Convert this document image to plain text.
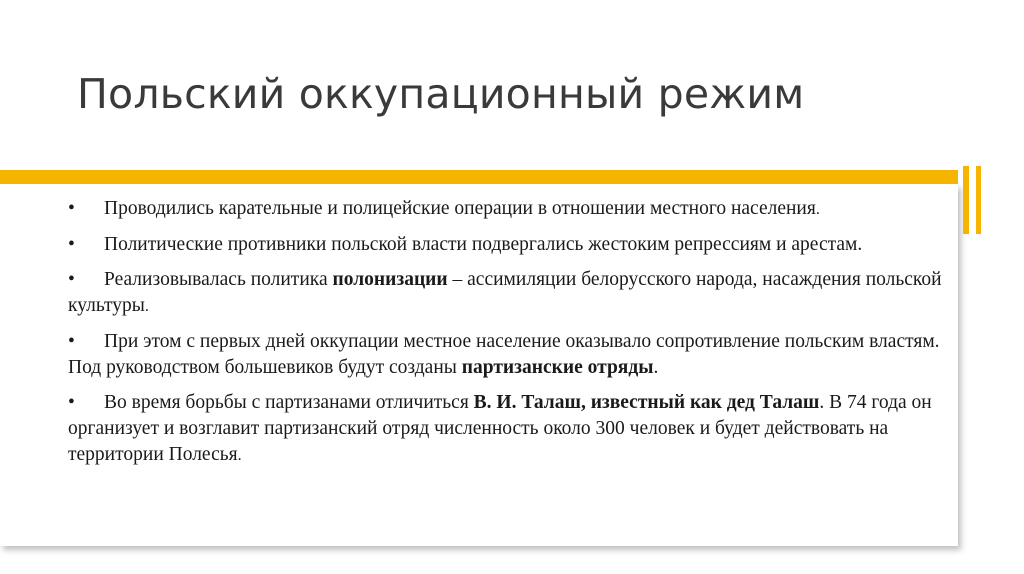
Польский оккупационный режим
• Проводились карательные и полицейские операции в отношении местного населения.
• Политические противники польской власти подвергались жестоким репрессиям и арестам.
• Реализовывалась политика полонизации – ассимиляции белорусского народа, насаждения польской культуры.
• При этом с первых дней оккупации местное население оказывало сопротивление польским властям. Под руководством большевиков будут созданы партизанские отряды.
• Во время борьбы с партизанами отличиться В. И. Талаш, известный как дед Талаш. В 74 года он организует и возглавит партизанский отряд численность около 300 человек и будет действовать на территории Полесья.
